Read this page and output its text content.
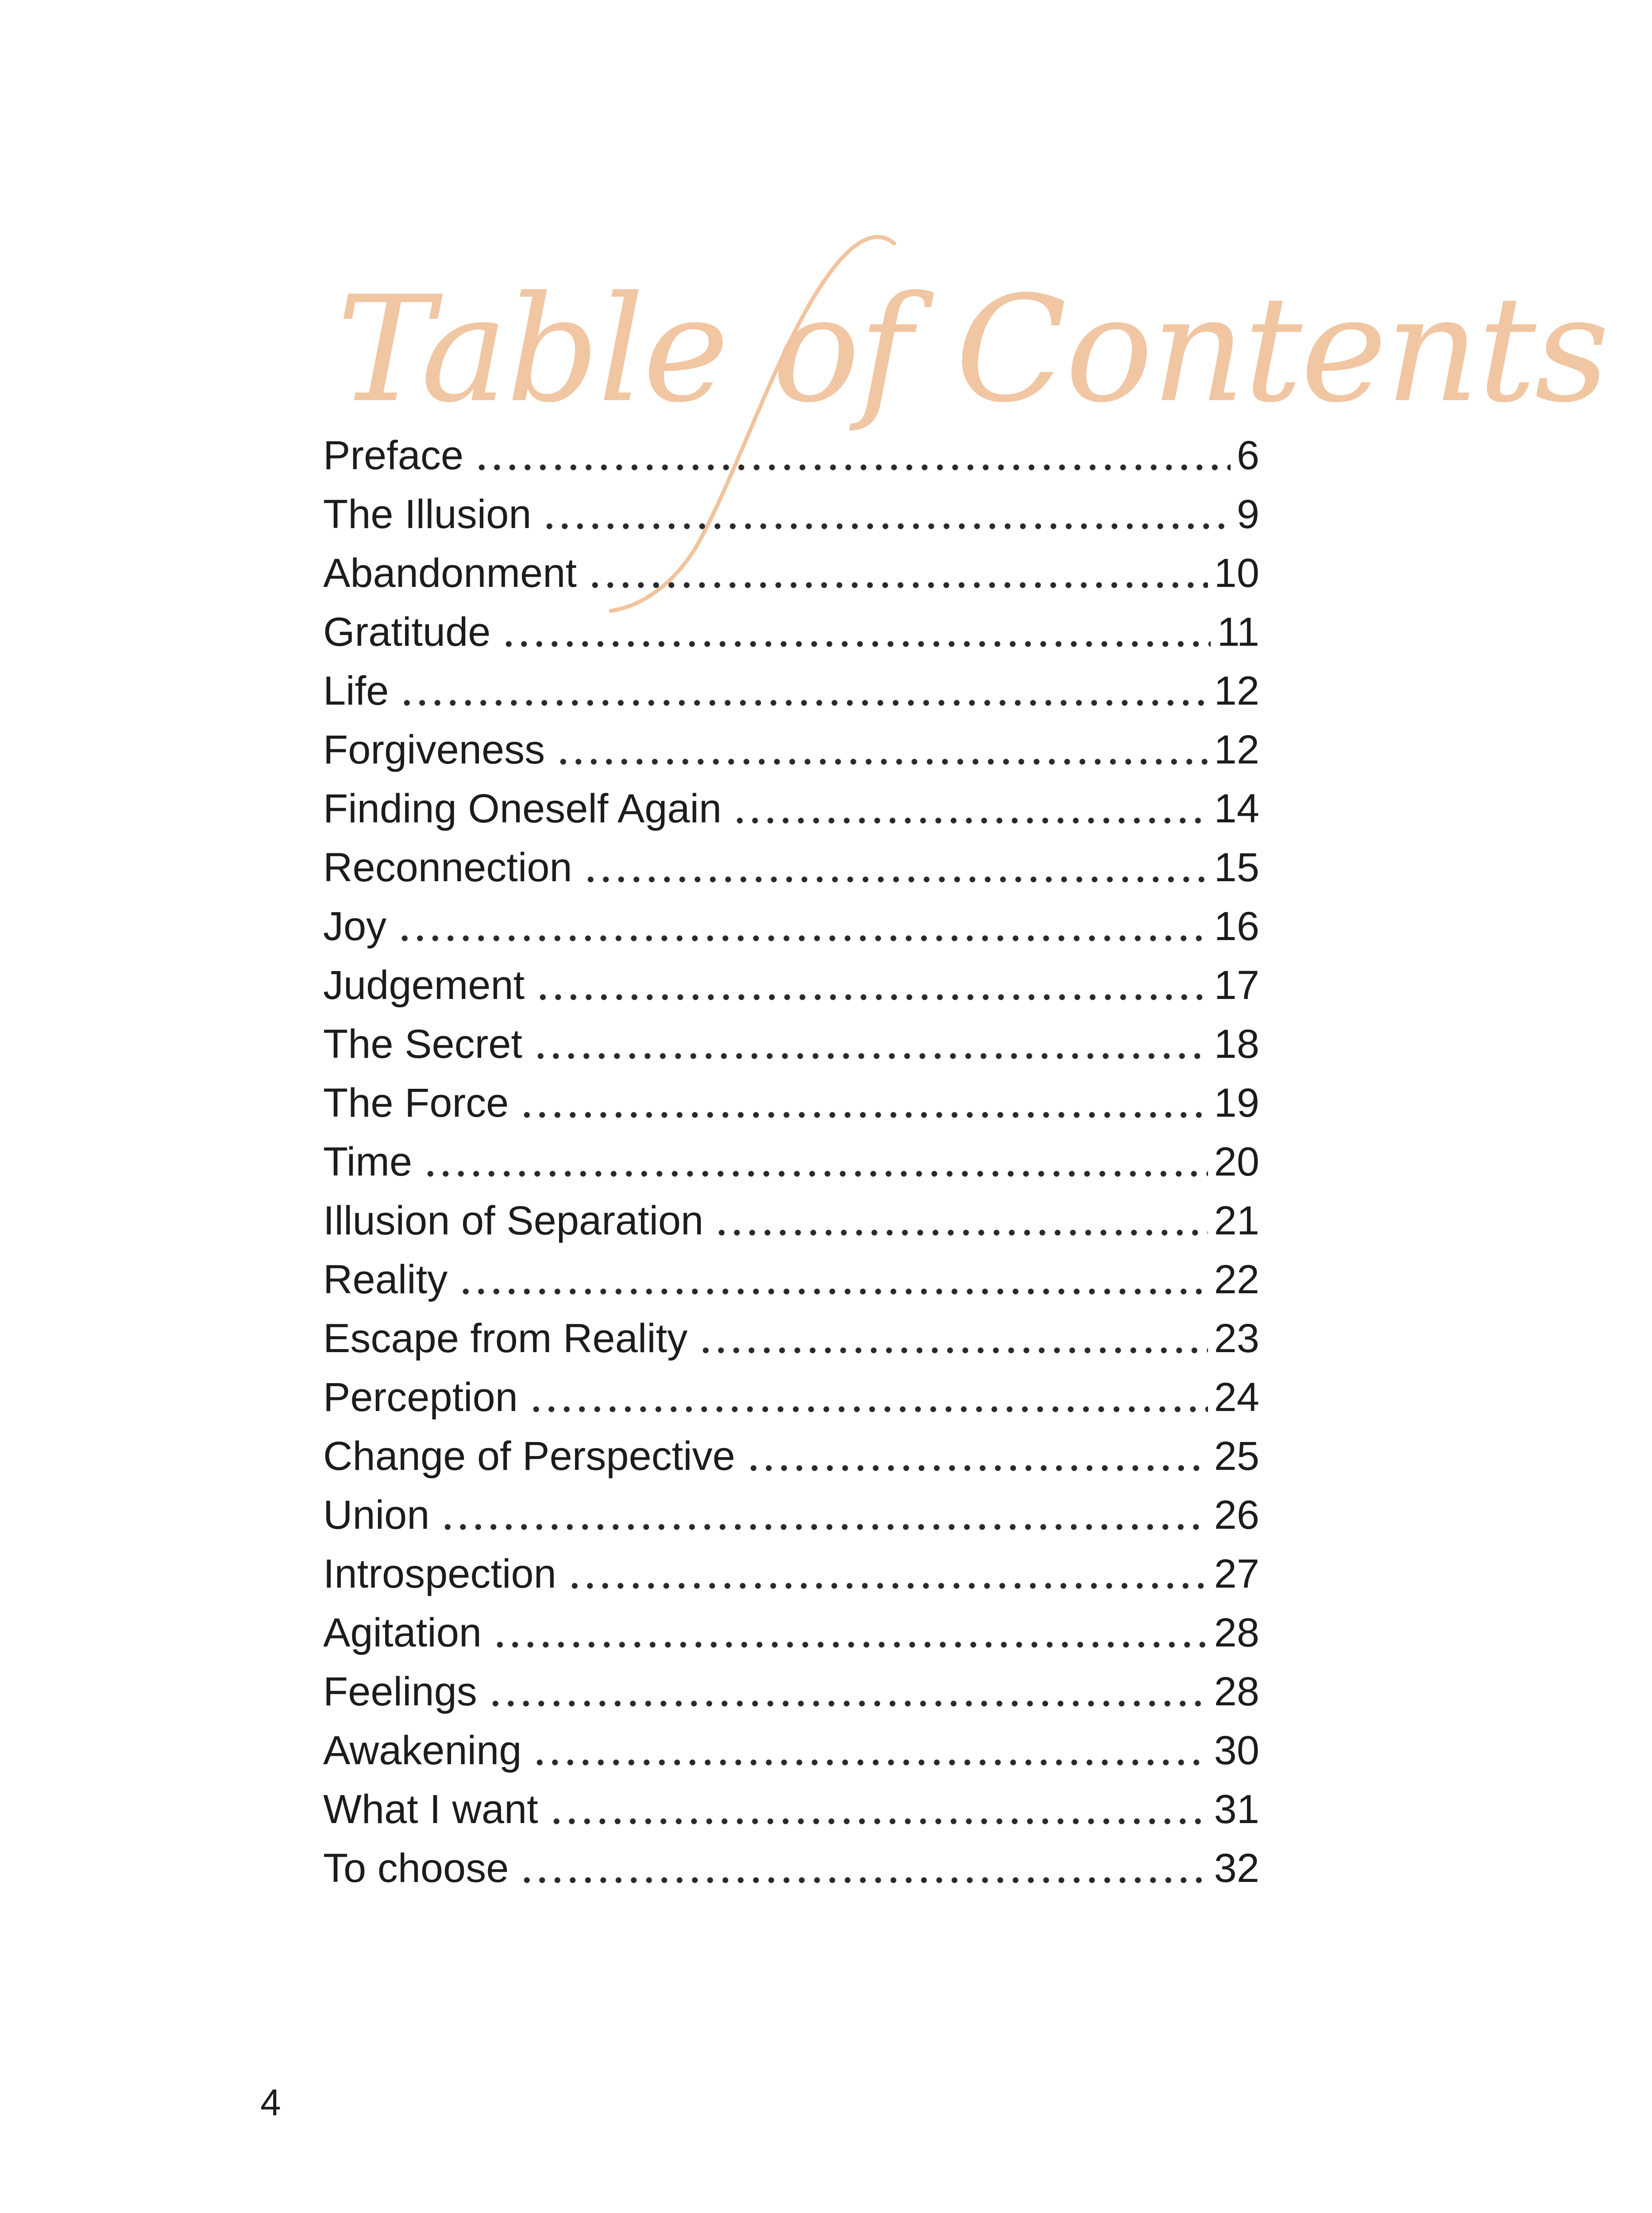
Table of Contents
Preface	6
The Illusion	9
Abandonment	10
Gratitude	11
Life	12
Forgiveness	12
Finding Oneself Again	14
Reconnection	15
Joy	16
Judgement	17
The Secret	18
The Force	19
Time	20
Illusion of Separation	21
Reality	22
Escape from Reality	23
Perception	24
Change of Perspective	25
Union	26
Introspection	27
Agitation	28
Feelings	28
Awakening	30
What I want	31
To choose	32

4
